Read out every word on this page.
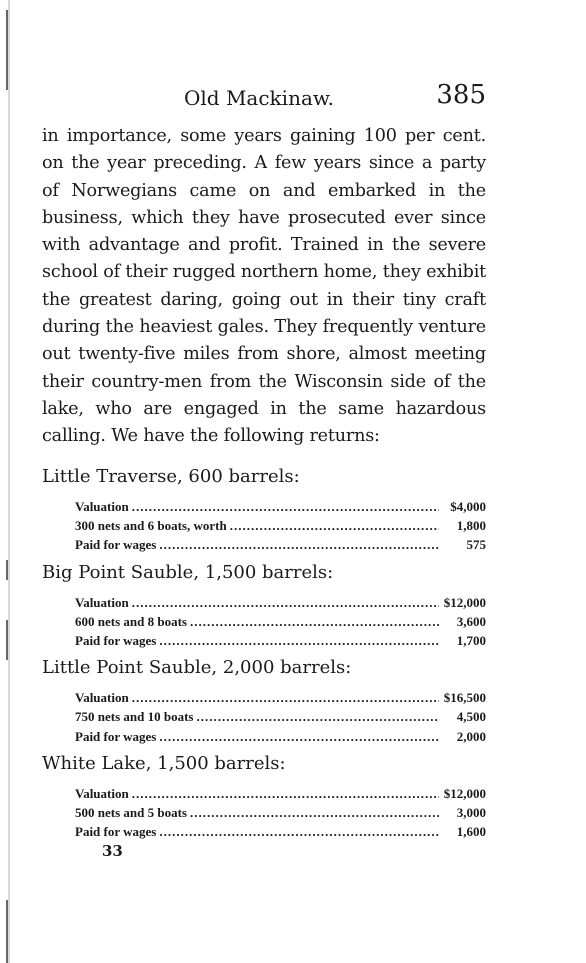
Old Mackinaw.	385
in importance, some years gaining 100 per cent. on the year preceding. A few years since a party of Norwegians came on and embarked in the business, which they have prosecuted ever since with advantage and profit. Trained in the severe school of their rugged northern home, they exhibit the greatest daring, going out in their tiny craft during the heaviest gales. They frequently venture out twenty-five miles from shore, almost meeting their country-men from the Wisconsin side of the lake, who are engaged in the same hazardous calling. We have the following returns:
Little Traverse, 600 barrels:
Valuation .....	$4,000
300 nets and 6 boats, worth .....	1,800
Paid for wages .....	575
Big Point Sauble, 1,500 barrels:
Valuation .....	$12,000
600 nets and 8 boats .....	3,600
Paid for wages .....	1,700
Little Point Sauble, 2,000 barrels:
Valuation .....	$16,500
750 nets and 10 boats .....	4,500
Paid for wages .....	2,000
White Lake, 1,500 barrels:
Valuation .....	$12,000
500 nets and 5 boats .....	3,000
Paid for wages .....	1,600
33
